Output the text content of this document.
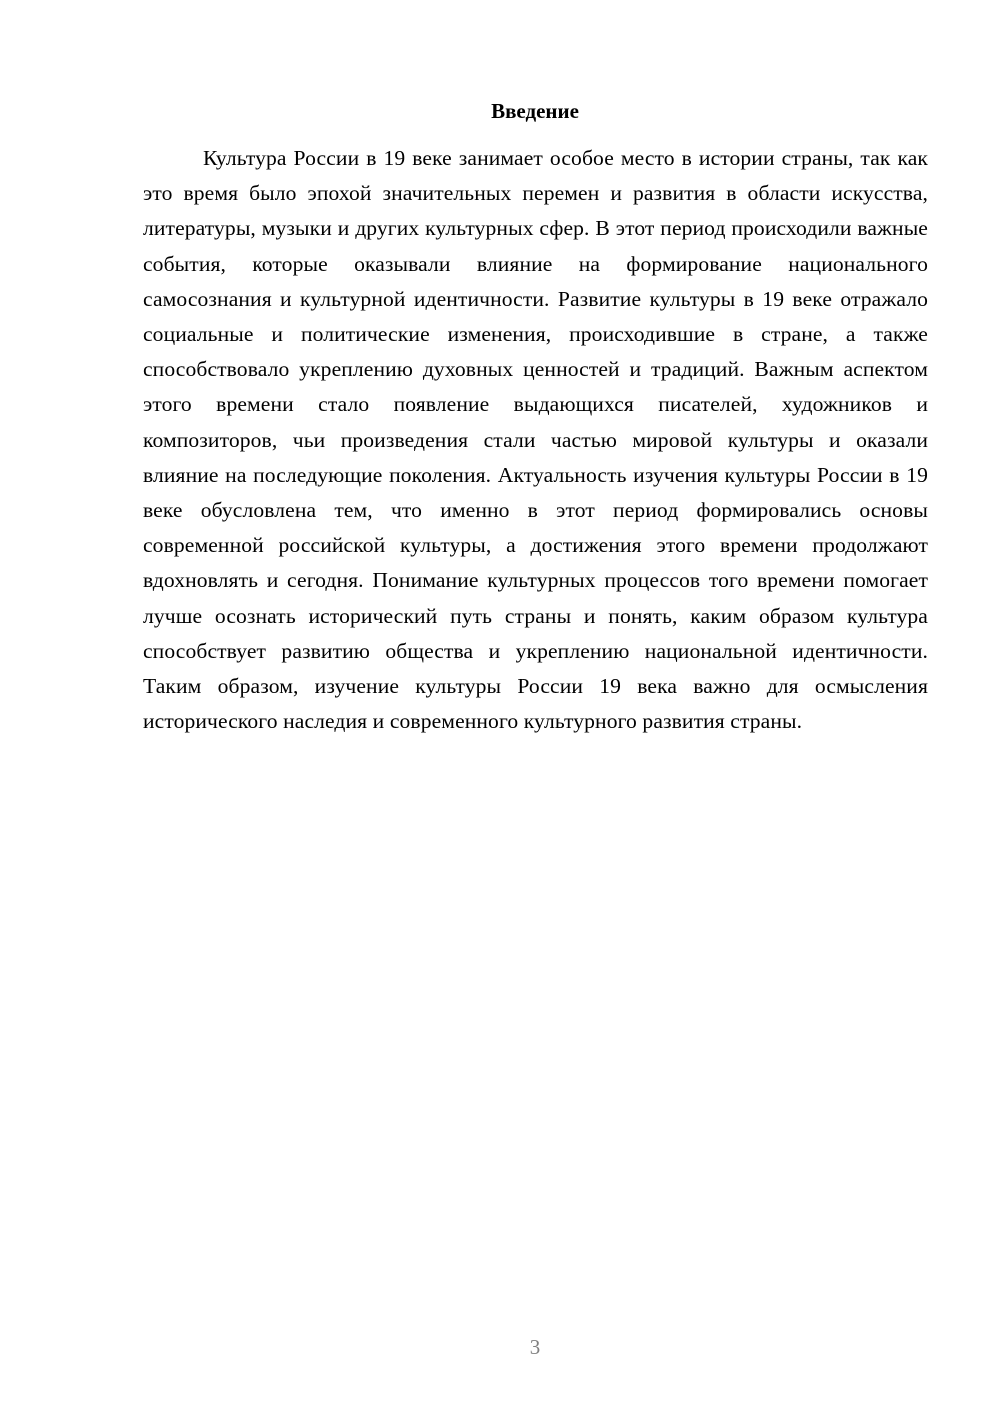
Введение

Культура России в 19 веке занимает особое место в истории страны, так как это время было эпохой значительных перемен и развития в области искусства, литературы, музыки и других культурных сфер. В этот период происходили важные события, которые оказывали влияние на формирование национального самосознания и культурной идентичности. Развитие культуры в 19 веке отражало социальные и политические изменения, происходившие в стране, а также способствовало укреплению духовных ценностей и традиций. Важным аспектом этого времени стало появление выдающихся писателей, художников и композиторов, чьи произведения стали частью мировой культуры и оказали влияние на последующие поколения. Актуальность изучения культуры России в 19 веке обусловлена тем, что именно в этот период формировались основы современной российской культуры, а достижения этого времени продолжают вдохновлять и сегодня. Понимание культурных процессов того времени помогает лучше осознать исторический путь страны и понять, каким образом культура способствует развитию общества и укреплению национальной идентичности. Таким образом, изучение культуры России 19 века важно для осмысления исторического наследия и современного культурного развития страны.

3
